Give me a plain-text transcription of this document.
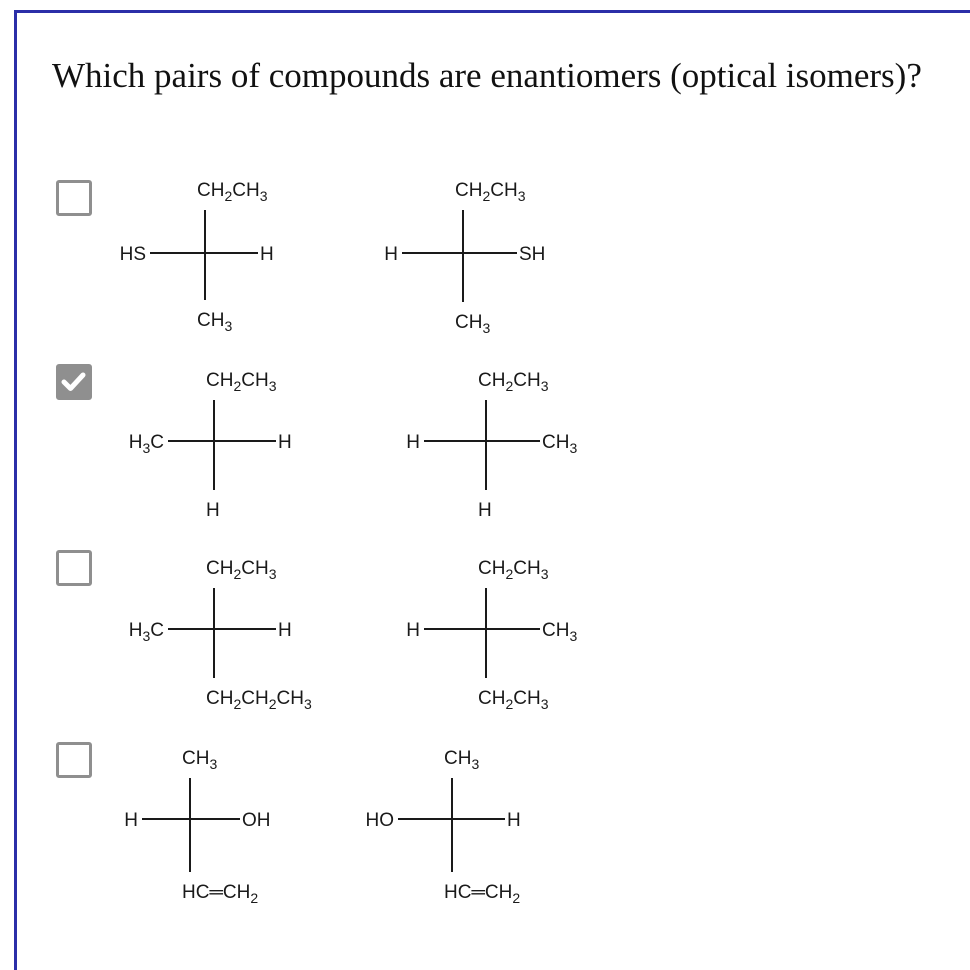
Which pairs of compounds are enantiomers (optical isomers)?
$CH_2CH_3$
HS	H
$CH_3$
$CH_2CH_3$
H	SH
$CH_3$
$CH_2CH_3$
$H_3C$	H
H
$CH_2CH_3$
H	$CH_3$
H
$CH_2CH_3$
$H_3C$	H
$CH_2CH_2CH_3$
$CH_2CH_3$
H	$CH_3$
$CH_2CH_3$
$CH_3$
H	OH
$HC═CH_2$
$CH_3$
HO	H
$HC═CH_2$
